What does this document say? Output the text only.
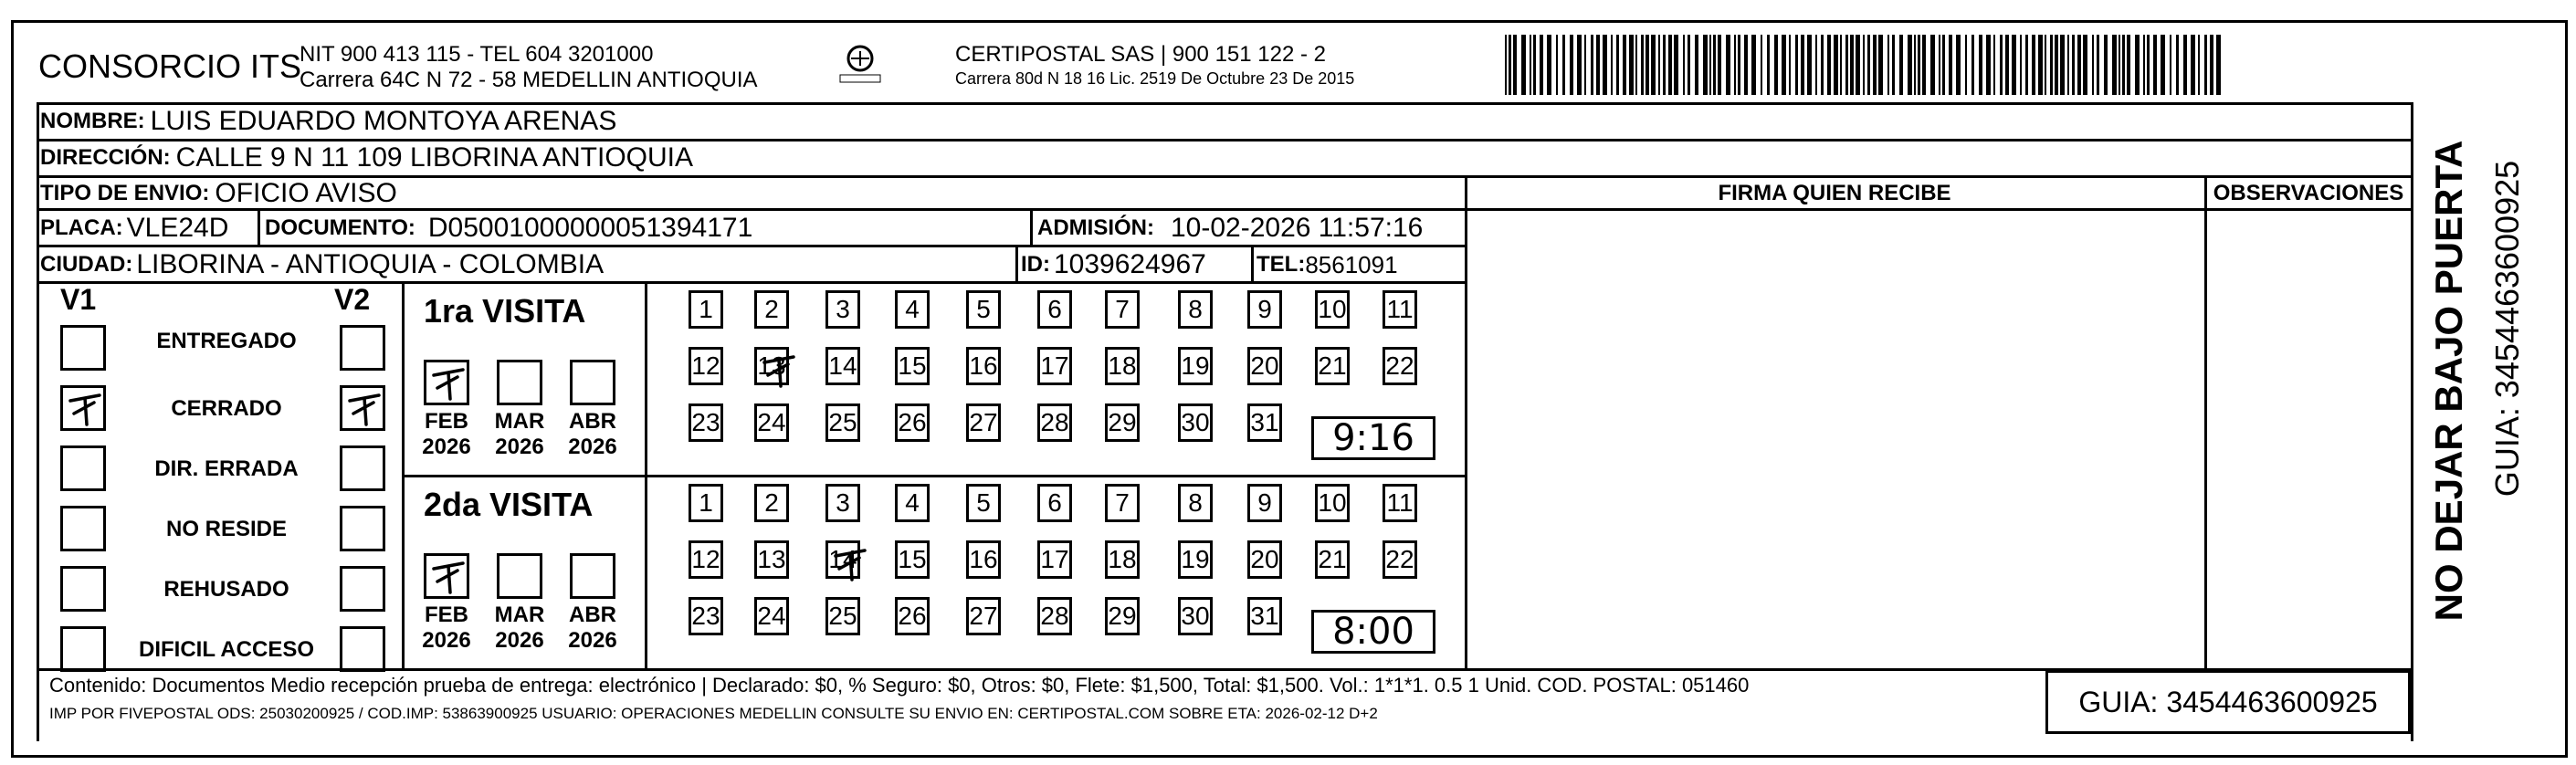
CONSORCIO ITS
NIT 900 413 115 - TEL 604 3201000
Carrera 64C N 72 - 58 MEDELLIN ANTIOQUIA
CERTIPOSTAL SAS | 900 151 122 - 2
Carrera 80d N 18 16 Lic. 2519 De Octubre 23 De 2015
NOMBRE: LUIS EDUARDO MONTOYA ARENAS
DIRECCIÓN: CALLE 9 N 11 109 LIBORINA ANTIOQUIA
TIPO DE ENVIO: OFICIO AVISO	FIRMA QUIEN RECIBE	OBSERVACIONES
PLACA: VLE24D DOCUMENTO: D05001000000051394171	ADMISIÓN: 10-02-2026 11:57:16
CIUDAD: LIBORINA - ANTIOQUIA - COLOMBIA	ID: 1039624967 TEL: 8561091
V1	V2
ENTREGADO
CERRADO
DIR. ERRADA
NO RESIDE
REHUSADO
DIFICIL ACCESO
1ra VISITA
2da VISITA
FEB
2026
MAR
2026
ABR
2026
1 2 3 4 5 6 7 8 9 10 11
12 13 14 15 16 17 18 19 20 21 22
23 24 25 26 27 28 29 30 31 9:16
FEB
2026
MAR
2026
ABR
2026
1 2 3 4 5 6 7 8 9 10 11
12 13 14 15 16 17 18 19 20 21 22
23 24 25 26 27 28 29 30 31 8:00
Contenido: Documentos Medio recepción prueba de entrega: electrónico | Declarado: $0, % Seguro: $0, Otros: $0, Flete: $1,500, Total: $1,500. Vol.: 1*1*1. 0.5 1 Unid. COD. POSTAL: 051460
IMP POR FIVEPOSTAL ODS: 25030200925 / COD.IMP: 53863900925 USUARIO: OPERACIONES MEDELLIN CONSULTE SU ENVIO EN: CERTIPOSTAL.COM SOBRE ETA: 2026-02-12 D+2	GUIA: 3454463600925
NO DEJAR BAJO PUERTA GUIA: 3454463600925
